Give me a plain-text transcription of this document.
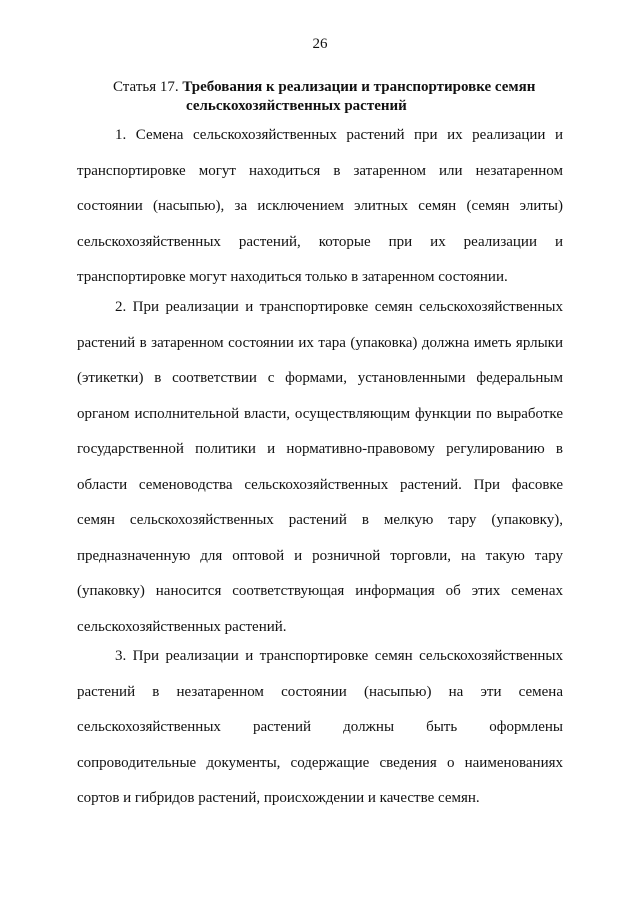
26
Статья 17. Требования к реализации и транспортировке семян
сельскохозяйственных растений
1. Семена сельскохозяйственных растений при их реализации и
транспортировке могут находиться в затаренном или незатаренном
состоянии (насыпью), за исключением элитных семян (семян элиты)
сельскохозяйственных растений, которые при их реализации и
транспортировке могут находиться только в затаренном состоянии.
2. При реализации и транспортировке семян сельскохозяйственных
растений в затаренном состоянии их тара (упаковка) должна иметь ярлыки
(этикетки) в соответствии с формами, установленными федеральным
органом исполнительной власти, осуществляющим функции по выработке
государственной политики и нормативно-правовому регулированию в
области семеноводства сельскохозяйственных растений. При фасовке
семян сельскохозяйственных растений в мелкую тару (упаковку),
предназначенную для оптовой и розничной торговли, на такую тару
(упаковку) наносится соответствующая информация об этих семенах
сельскохозяйственных растений.
3. При реализации и транспортировке семян сельскохозяйственных
растений в незатаренном состоянии (насыпью) на эти семена
сельскохозяйственных растений должны быть оформлены
сопроводительные документы, содержащие сведения о наименованиях
сортов и гибридов растений, происхождении и качестве семян.
